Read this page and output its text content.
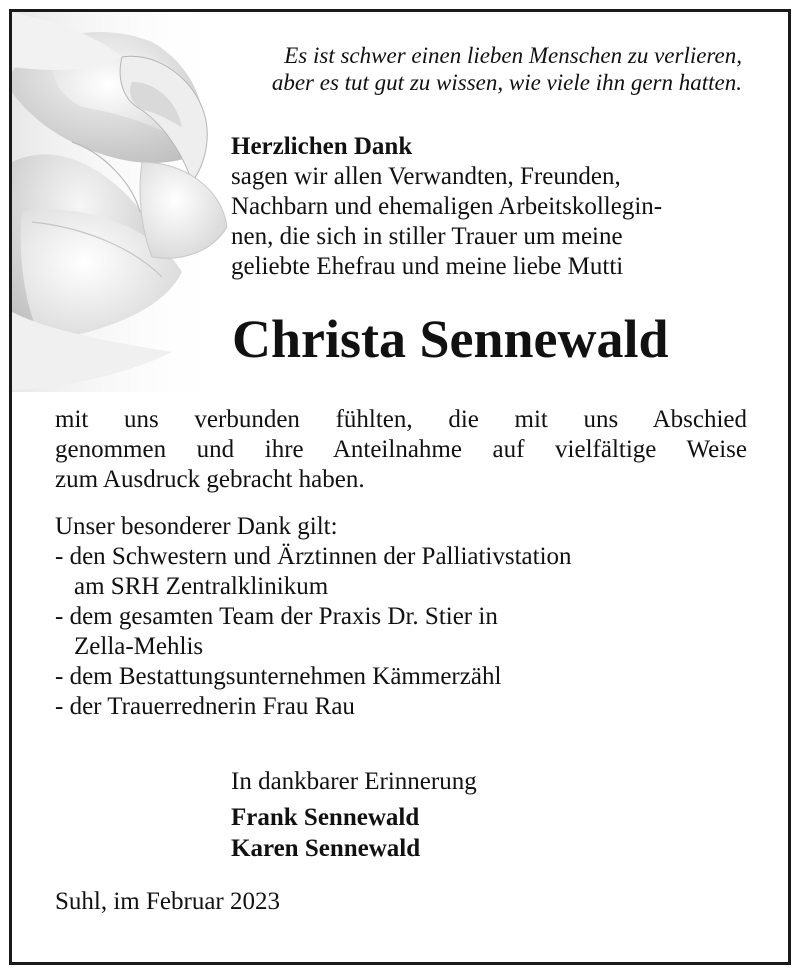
Es ist schwer einen lieben Menschen zu verlieren,
aber es tut gut zu wissen, wie viele ihn gern hatten.
Herzlichen Dank
sagen wir allen Verwandten, Freunden,
Nachbarn und ehemaligen Arbeitskollegin-
nen, die sich in stiller Trauer um meine
geliebte Ehefrau und meine liebe Mutti
Christa Sennewald
mit uns verbunden fühlten, die mit uns Abschied
genommen und ihre Anteilnahme auf vielfältige Weise
zum Ausdruck gebracht haben.
Unser besonderer Dank gilt:
- den Schwestern und Ärztinnen der Palliativstation
am SRH Zentralklinikum
- dem gesamten Team der Praxis Dr. Stier in
Zella-Mehlis
- dem Bestattungsunternehmen Kämmerzähl
- der Trauerrednerin Frau Rau
In dankbarer Erinnerung
Frank Sennewald
Karen Sennewald
Suhl, im Februar 2023
